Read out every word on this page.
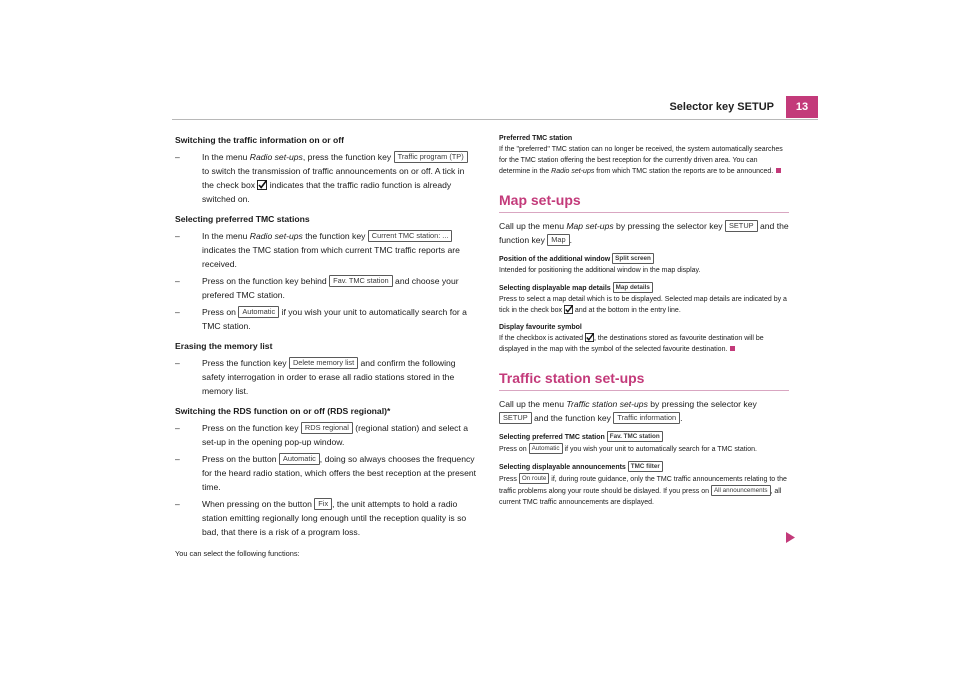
Selector key SETUP	13
Switching the traffic information on or off
–	In the menu Radio set-ups, press the function key Traffic program (TP) to switch the transmission of traffic announcements on or off. A tick in the check box  indicates that the traffic radio function is already switched on.
Selecting preferred TMC stations
–	In the menu Radio set-ups the function key Current TMC station: ... indicates the TMC station from which current TMC traffic reports are received.
–	Press on the function key behind Fav. TMC station and choose your prefered TMC station.
–	Press on Automatic if you wish your unit to automatically search for a TMC station.
Erasing the memory list
–	Press the function key Delete memory list and confirm the following safety interrogation in order to erase all radio stations stored in the memory list.
Switching the RDS function on or off (RDS regional)*
–	Press on the function key RDS regional (regional station) and select a set-up in the opening pop-up window.
–	Press on the button Automatic , doing so always chooses the frequency for the heard radio station, which offers the best reception at the present time.
–	When pressing on the button Fix , the unit attempts to hold a radio station emitting regionally long enough until the reception quality is so bad, that there is a risk of a program loss.
You can select the following functions:
Preferred TMC station
If the "preferred" TMC station can no longer be received, the system automatically searches for the TMC station offering the best reception for the currently driven area. You can determine in the Radio set-ups from which TMC station the reports are to be announced.
Map set-ups
Call up the menu Map set-ups by pressing the selector key SETUP and the function key Map .
Position of the additional window Split screen
Intended for positioning the additional window in the map display.
Selecting displayable map details Map details
Press to select a map detail which is to be displayed. Selected map details are indicated by a tick in the check box  and at the bottom in the entry line.
Display favourite symbol
If the checkbox is activated , the destinations stored as favourite destination will be displayed in the map with the symbol of the selected favourite destination.
Traffic station set-ups
Call up the menu Traffic station set-ups by pressing the selector key SETUP and the function key Traffic information .
Selecting preferred TMC station Fav. TMC station
Press on Automatic if you wish your unit to automatically search for a TMC station.
Selecting displayable announcements TMC filter
Press On route if, during route guidance, only the TMC traffic announcements relating to the traffic problems along your route should be dislayed. If you press on All announcements , all current TMC traffic announcements are displayed.
